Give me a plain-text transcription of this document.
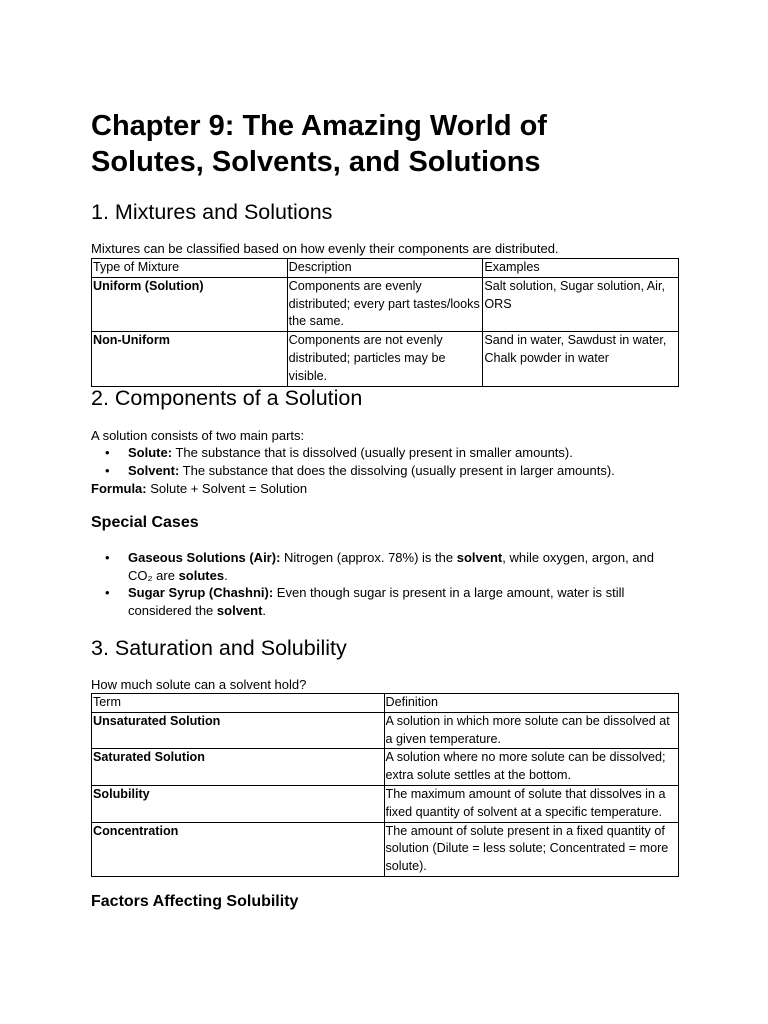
Chapter 9: The Amazing World of Solutes, Solvents, and Solutions
1. Mixtures and Solutions

Mixtures can be classified based on how evenly their components are distributed.

Type of Mixture	Description	Examples
Uniform (Solution)	Components are evenly distributed; every part tastes/looks the same.	Salt solution, Sugar solution, Air, ORS
Non-Uniform	Components are not evenly distributed; particles may be visible.	Sand in water, Sawdust in water, Chalk powder in water
2. Components of a Solution

A solution consists of two main parts:

• Solute: The substance that is dissolved (usually present in smaller amounts).
• Solvent: The substance that does the dissolving (usually present in larger amounts).

Formula: Solute + Solvent = Solution

Special Cases
• Gaseous Solutions (Air): Nitrogen (approx. 78%) is the solvent, while oxygen, argon, and CO₂ are solutes.
• Sugar Syrup (Chashni): Even though sugar is present in a large amount, water is still considered the solvent.
3. Saturation and Solubility

How much solute can a solvent hold?

Term	Definition
Unsaturated Solution	A solution in which more solute can be dissolved at a given temperature.
Saturated Solution	A solution where no more solute can be dissolved; extra solute settles at the bottom.
Solubility	The maximum amount of solute that dissolves in a fixed quantity of solvent at a specific temperature.
Concentration	The amount of solute present in a fixed quantity of solution (Dilute = less solute; Concentrated = more solute).
Factors Affecting Solubility
